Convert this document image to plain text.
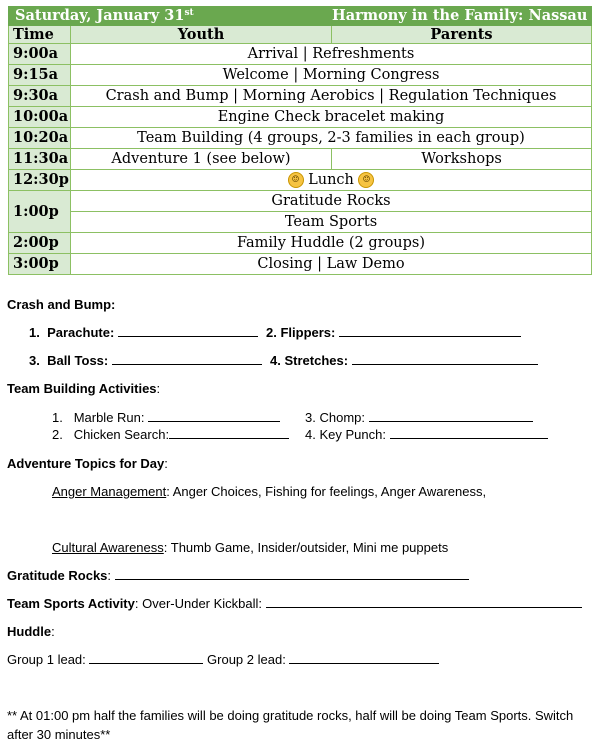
Saturday, January 31st		Harmony in the Family: Nassau
Time	Youth	Parents
9:00a	Arrival | Refreshments	
9:15a	Welcome | Morning Congress	
9:30a	Crash and Bump | Morning Aerobics | Regulation Techniques	
10:00a	Engine Check bracelet making	
10:20a	Team Building (4 groups, 2-3 families in each group)	
11:30a	Adventure 1 (see below)	Workshops
12:30p	☺ Lunch ☺	
1:00p	Gratitude Rocks	
	Team Sports	
2:00p	Family Huddle (2 groups)	
3:00p	Closing | Law Demo	
Crash and Bump:
1. Parachute:	2. Flippers:
3. Ball Toss:	4. Stretches:
Team Building Activities:
1. Marble Run:	3. Chomp:
2. Chicken Search:	4. Key Punch:
Adventure Topics for Day:
Anger Management: Anger Choices, Fishing for feelings, Anger Awareness,
Cultural Awareness: Thumb Game, Insider/outsider, Mini me puppets
Gratitude Rocks:
Team Sports Activity: Over-Under Kickball:
Huddle:
Group 1 lead:	Group 2 lead:
** At 01:00 pm half the families will be doing gratitude rocks, half will be doing Team Sports. Switch
after 30 minutes**
